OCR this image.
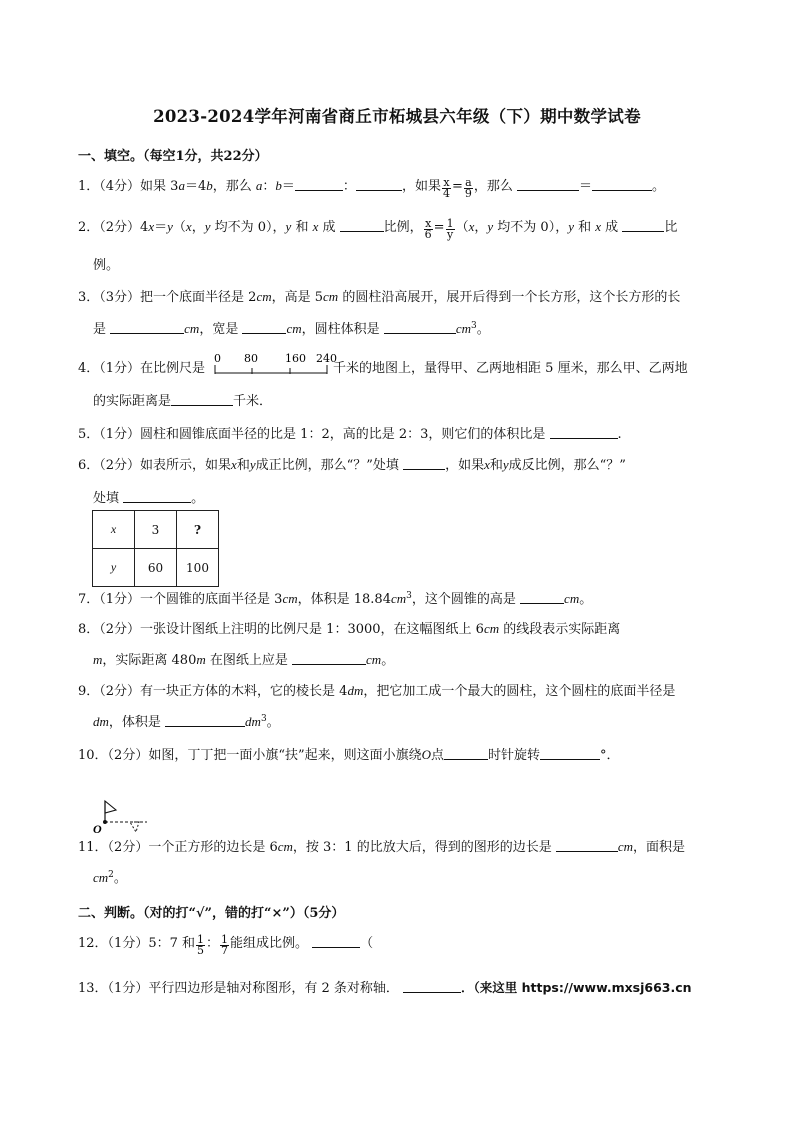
2023-2024学年河南省商丘市柘城县六年级（下）期中数学试卷
一、填空。（每空1分，共22分）
1．（4分）如果 3a＝4b，那么 a：b＝	：	，如果 $\frac{x}{4} = \frac{a}{9}$ ，那么	＝	。
2．（2分）4x＝y（x，y 均不为 0），y 和 x 成	比例， $\frac{x}{6} = \frac{1}{y} (x$，y 均不为 0），y 和 x 成	比
例。
3．（3分）把一个底面半径是 2cm，高是 5cm 的圆柱沿高展开，展开后得到一个长方形，这个长方形的长
是	cm，宽是	cm，圆柱体积是	$cm^3$。
4．（1分）在比例尺是	千米的地图上，量得甲、乙两地相距 5 厘米，那么甲、乙两地
0 80 160 240
的实际距离是	千米．
5．（1分）圆柱和圆锥底面半径的比是 1：2，高的比是 2：3，则它们的体积比是	.
6．（2分）如表所示，如果x和y成正比例，那么“？”处填	，如果x和y成反比例，那么“？”
处填	。
x	3	?
y	60	100
7．（1分）一个圆锥的底面半径是 3cm，体积是 $18.84cm^3$，这个圆锥的高是	cm。
8．（2分）一张设计图纸上注明的比例尺是 1：3000，在这幅图纸上 6cm 的线段表示实际距离
m，实际距离 480m 在图纸上应是	cm。
9．（2分）有一块正方体的木料，它的棱长是 4dm，把它加工成一个最大的圆柱，这个圆柱的底面半径是
dm，体积是	$dm^3$。
10．（2分）如图，丁丁把一面小旗“扶”起来，则这面小旗绕O点	时针旋转	°．
O
11．（2分）一个正方形的边长是 6cm，按 3：1 的比放大后，得到的图形的边长是	cm，面积是
$cm^2$。
二、判断。（对的打“√”，错的打“×”）（5分）
12．（1分）5：7 和 $\frac{1}{5}$ ： $\frac{1}{7}$ 能组成比例。	（
13．（1分）平行四边形是轴对称图形，有 2 条对称轴．	．（来这里 https://www.mxsj663.cn
